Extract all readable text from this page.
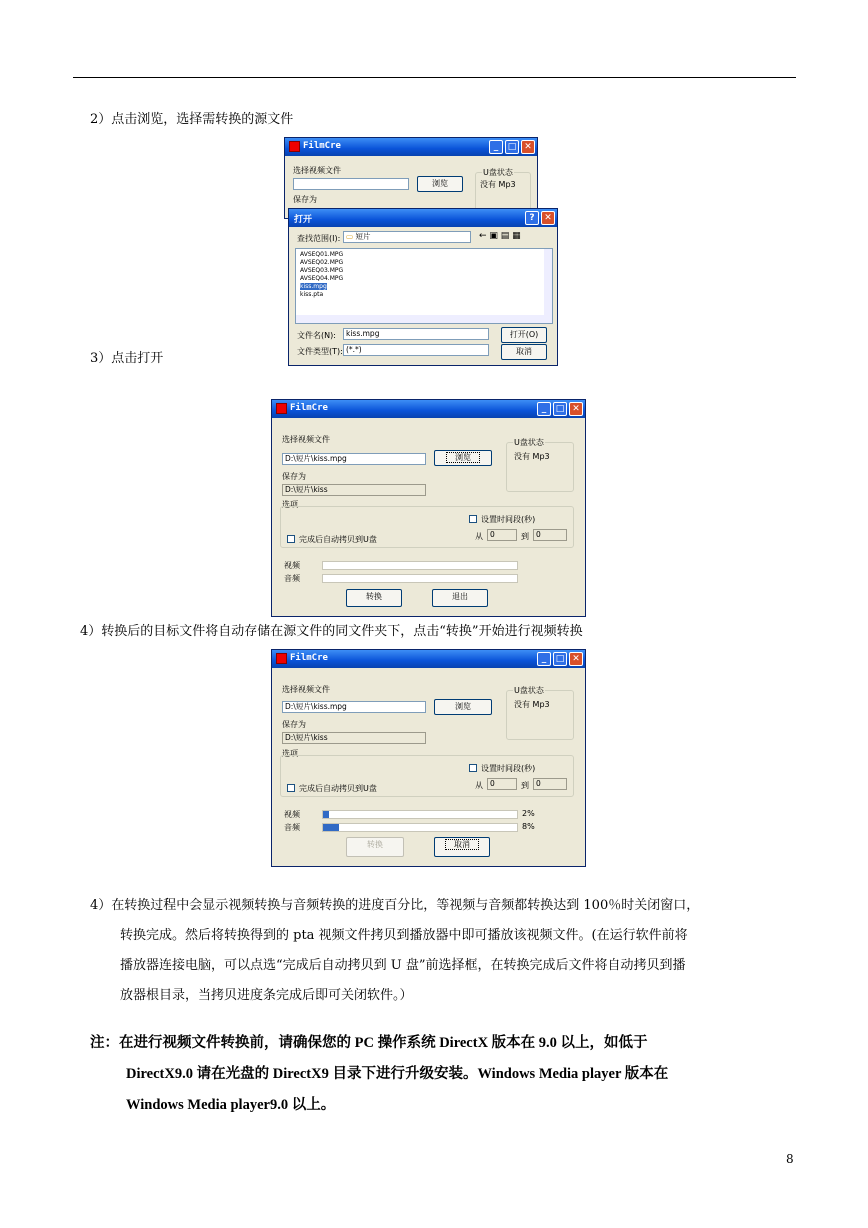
2）点击浏览，选择需转换的源文件
FilmCre	_	□ ✕
选择视频文件
浏览
U盘状态
没有 Mp3
保存为
打开	?	✕
查找范围(I): ▭ 短片	← ▣ ▤ ▦
AVSEQ01.MPG
AVSEQ02.MPG
AVSEQ03.MPG
AVSEQ04.MPG
kiss.mpg
kiss.pta
文件名(N):	kiss.mpg	打开(O)
文件类型(T): (*.*)	取消
3）点击打开
FilmCre	_	□ ✕
选择视频文件
D:\短片\kiss.mpg	浏览
U盘状态
没有 Mp3
保存为
D:\短片\kiss
选项
设置时间段(秒)
从 0	到 0
完成后自动拷贝到U盘
视频
音频
转换	退出
4）转换后的目标文件将自动存储在源文件的同文件夹下，点击“转换”开始进行视频转换
FilmCre	_	□ ✕
选择视频文件
D:\短片\kiss.mpg	浏览
U盘状态
没有 Mp3
保存为
D:\短片\kiss
选项
设置时间段(秒)
从 0	到 0
完成后自动拷贝到U盘
视频	2%
音频	8%
转换	取消
4）在转换过程中会显示视频转换与音频转换的进度百分比，等视频与音频都转换达到 100％时关闭窗口，
转换完成。然后将转换得到的 pta 视频文件拷贝到播放器中即可播放该视频文件。(在运行软件前将
播放器连接电脑，可以点选“完成后自动拷贝到 U 盘”前选择框，在转换完成后文件将自动拷贝到播
放器根目录，当拷贝进度条完成后即可关闭软件。）
注：在进行视频文件转换前，请确保您的 PC 操作系统 DirectX 版本在 9.0 以上，如低于
DirectX9.0 请在光盘的 DirectX9 目录下进行升级安装。Windows Media player 版本在
Windows Media player9.0 以上。
8
